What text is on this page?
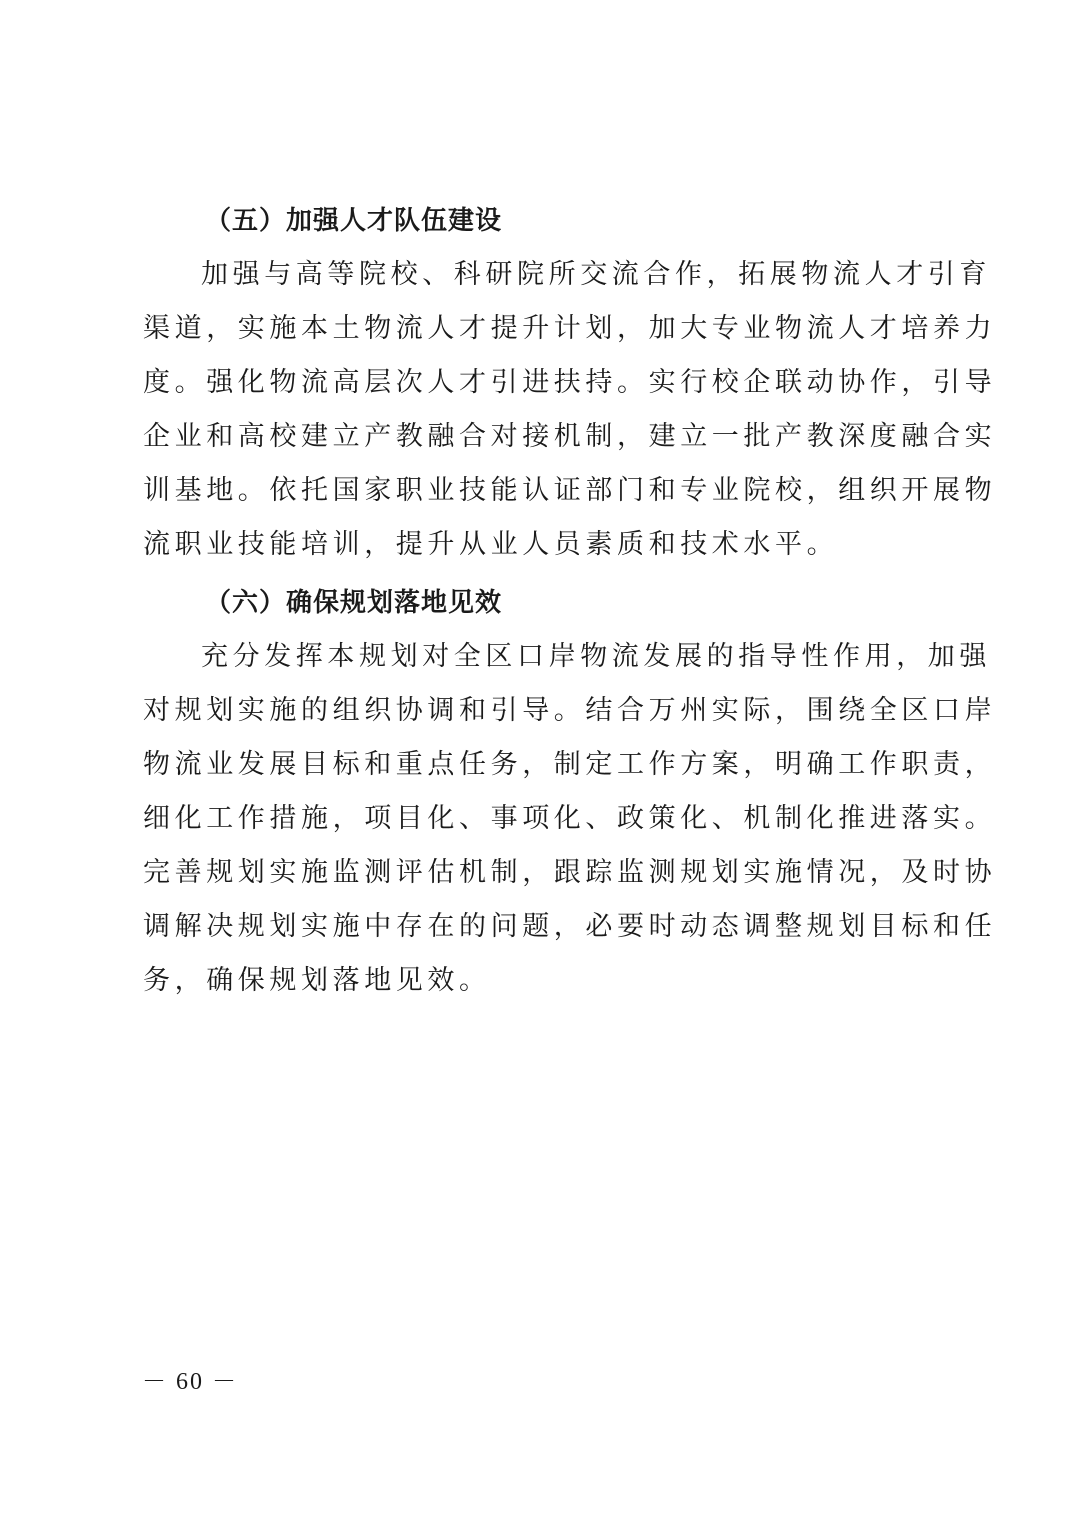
（五）加强人才队伍建设
加强与高等院校、科研院所交流合作，拓展物流人才引育
渠道，实施本土物流人才提升计划，加大专业物流人才培养力
度。强化物流高层次人才引进扶持。实行校企联动协作，引导
企业和高校建立产教融合对接机制，建立一批产教深度融合实
训基地。依托国家职业技能认证部门和专业院校，组织开展物
流职业技能培训，提升从业人员素质和技术水平。
（六）确保规划落地见效
充分发挥本规划对全区口岸物流发展的指导性作用，加强
对规划实施的组织协调和引导。结合万州实际，围绕全区口岸
物流业发展目标和重点任务，制定工作方案，明确工作职责，
细化工作措施，项目化、事项化、政策化、机制化推进落实。
完善规划实施监测评估机制，跟踪监测规划实施情况，及时协
调解决规划实施中存在的问题，必要时动态调整规划目标和任
务，确保规划落地见效。
－ 60 －
